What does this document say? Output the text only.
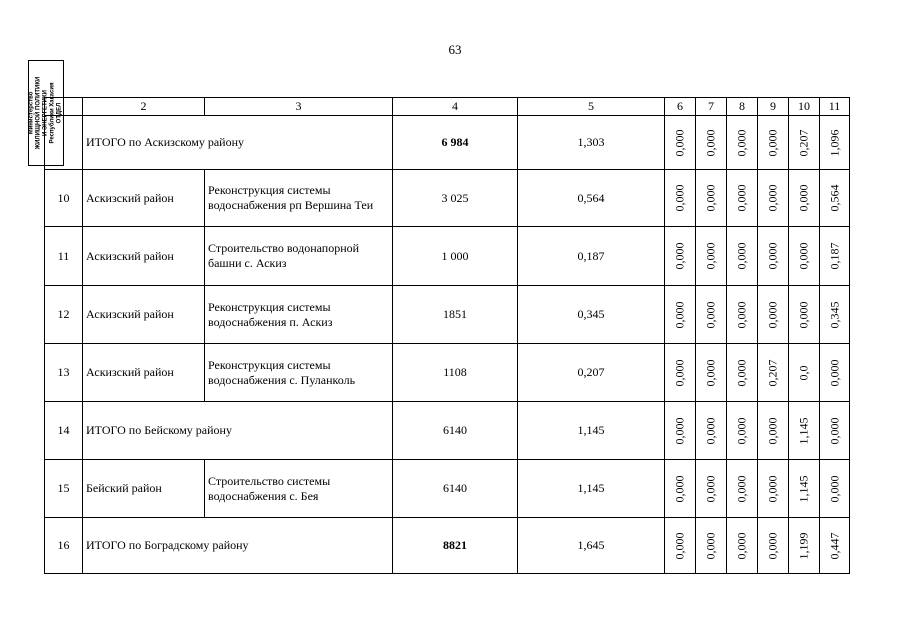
63
Министерство ЖИЛИЩНОЙ ПОЛИТИКИ И ЭНЕРГЕТИКИ Республики Хакасия ОТДЕЛ
		2	3	4	5	6	7	8	9	10	11
	ИТОГО по Аскизскому району		6 984	1,303	0,000	0,000	0,000	0,000	0,207	1,096

10	Аскизский район	Реконструкция системы водоснабжения рп Вершина Теи	3 025	0,564	0,000	0,000	0,000	0,000	0,000	0,564

11	Аскизский район	Строительство водонапорной башни с. Аскиз	1 000	0,187	0,000	0,000	0,000	0,000	0,000	0,187

12	Аскизский район	Реконструкция системы водоснабжения п. Аскиз	1851	0,345	0,000	0,000	0,000	0,000	0,000	0,345

13	Аскизский район	Реконструкция системы водоснабжения с. Пуланколь	1108	0,207	0,000	0,000	0,000	0,207	0,0	0,000

14	ИТОГО по Бейскому району		6140	1,145	0,000	0,000	0,000	0,000	1,145	0,000

15	Бейский район	Строительство системы водоснабжения с. Бея	6140	1,145	0,000	0,000	0,000	0,000	1,145	0,000

16	ИТОГО по Боградскому району		8821	1,645	0,000	0,000	0,000	0,000	1,199	0,447
